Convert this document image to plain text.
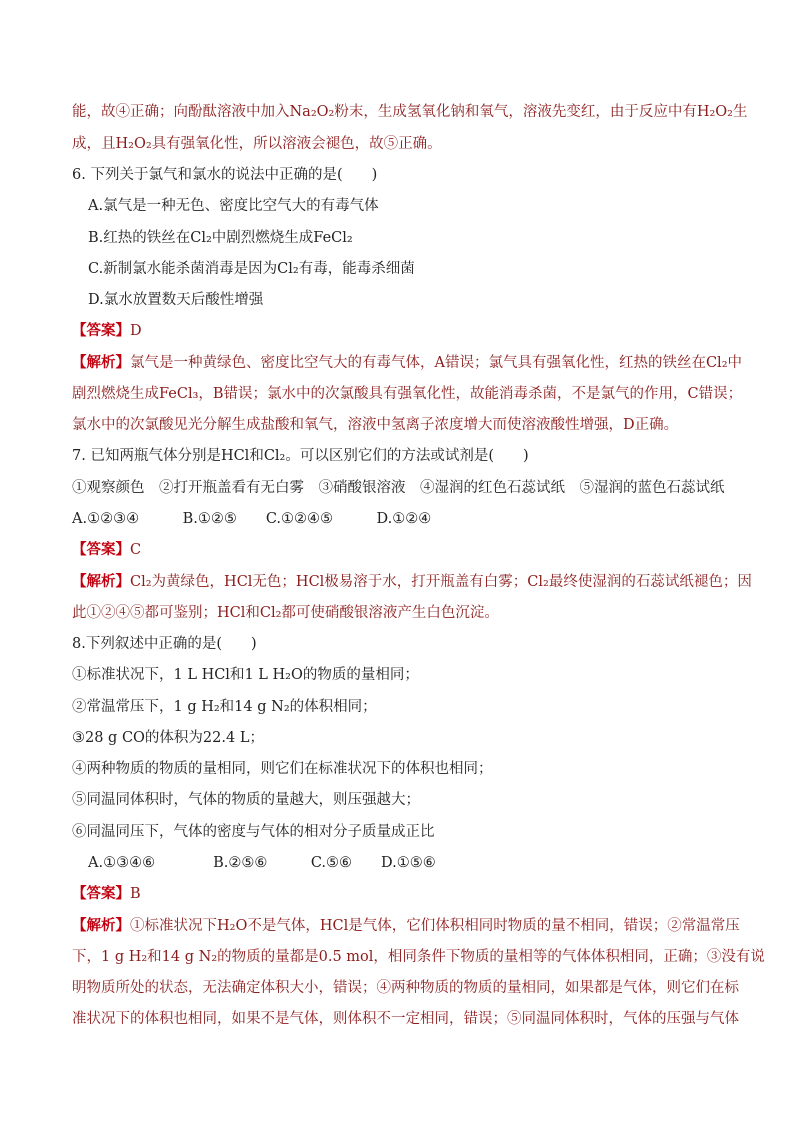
能，故④正确；向酚酞溶液中加入Na₂O₂粉末，生成氢氧化钠和氧气，溶液先变红，由于反应中有H₂O₂生
成，且H₂O₂具有强氧化性，所以溶液会褪色，故⑤正确。
6. 下列关于氯气和氯水的说法中正确的是(　　)
A.氯气是一种无色、密度比空气大的有毒气体
B.红热的铁丝在Cl₂中剧烈燃烧生成FeCl₂
C.新制氯水能杀菌消毒是因为Cl₂有毒，能毒杀细菌
D.氯水放置数天后酸性增强
【答案】D
【解析】氯气是一种黄绿色、密度比空气大的有毒气体，A错误；氯气具有强氧化性，红热的铁丝在Cl₂中
剧烈燃烧生成FeCl₃，B错误；氯水中的次氯酸具有强氧化性，故能消毒杀菌，不是氯气的作用，C错误；
氯水中的次氯酸见光分解生成盐酸和氧气，溶液中氢离子浓度增大而使溶液酸性增强，D正确。
7. 已知两瓶气体分别是HCl和Cl₂。可以区别它们的方法或试剂是(　　)
①观察颜色　②打开瓶盖看有无白雾　③硝酸银溶液　④湿润的红色石蕊试纸　⑤湿润的蓝色石蕊试纸
A.①②③④　　　B.①②⑤　　C.①②④⑤　　　D.①②④
【答案】C
【解析】Cl₂为黄绿色，HCl无色；HCl极易溶于水，打开瓶盖有白雾；Cl₂最终使湿润的石蕊试纸褪色；因
此①②④⑤都可鉴别；HCl和Cl₂都可使硝酸银溶液产生白色沉淀。
8.下列叙述中正确的是(　　)
①标准状况下，1 L HCl和1 L H₂O的物质的量相同；
②常温常压下，1 g H₂和14 g N₂的体积相同；
③28 g CO的体积为22.4 L；
④两种物质的物质的量相同，则它们在标准状况下的体积也相同；
⑤同温同体积时，气体的物质的量越大，则压强越大；
⑥同温同压下，气体的密度与气体的相对分子质量成正比
A.①③④⑥　　　　B.②⑤⑥　　　C.⑤⑥　　D.①⑤⑥
【答案】B
【解析】①标准状况下H₂O不是气体，HCl是气体，它们体积相同时物质的量不相同，错误；②常温常压
下，1 g H₂和14 g N₂的物质的量都是0.5 mol，相同条件下物质的量相等的气体体积相同，正确；③没有说
明物质所处的状态，无法确定体积大小，错误；④两种物质的物质的量相同，如果都是气体，则它们在标
准状况下的体积也相同，如果不是气体，则体积不一定相同，错误；⑤同温同体积时，气体的压强与气体
